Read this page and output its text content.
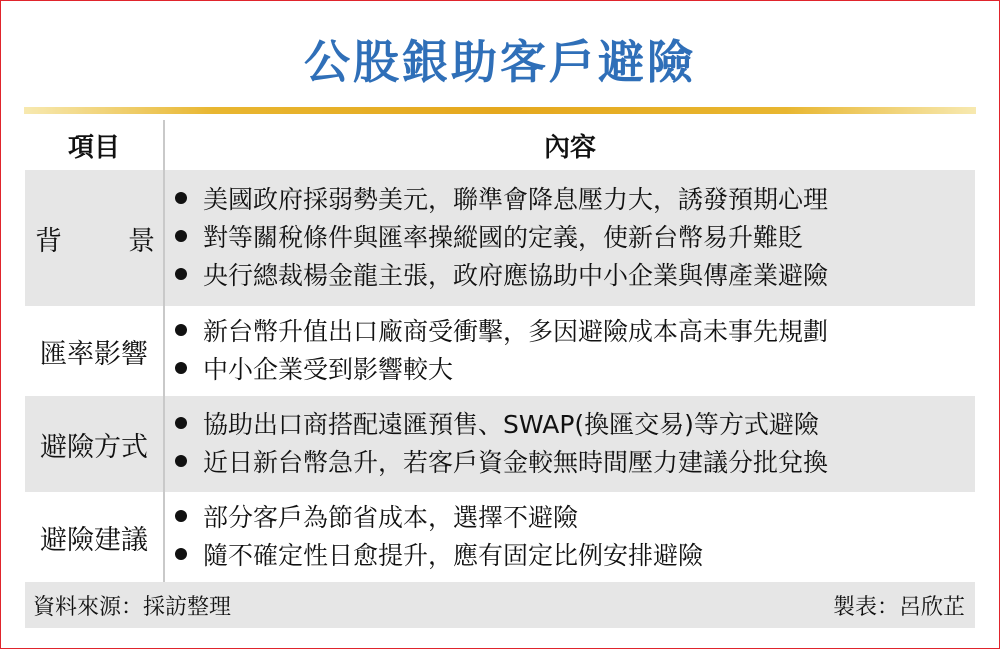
公股銀助客戶避險
項目	內容
背　景	美國政府採弱勢美元，聯準會降息壓力大，誘發預期心理
對等關稅條件與匯率操縱國的定義，使新台幣易升難貶
央行總裁楊金龍主張，政府應協助中小企業與傳產業避險

匯率影響	新台幣升值出口廠商受衝擊，多因避險成本高未事先規劃
中小企業受到影響較大

避險方式	協助出口商搭配遠匯預售、SWAP(換匯交易)等方式避險
近日新台幣急升，若客戶資金較無時間壓力建議分批兌換

避險建議	部分客戶為節省成本，選擇不避險
隨不確定性日愈提升，應有固定比例安排避險

資料來源：採訪整理 製表：呂欣芷	
